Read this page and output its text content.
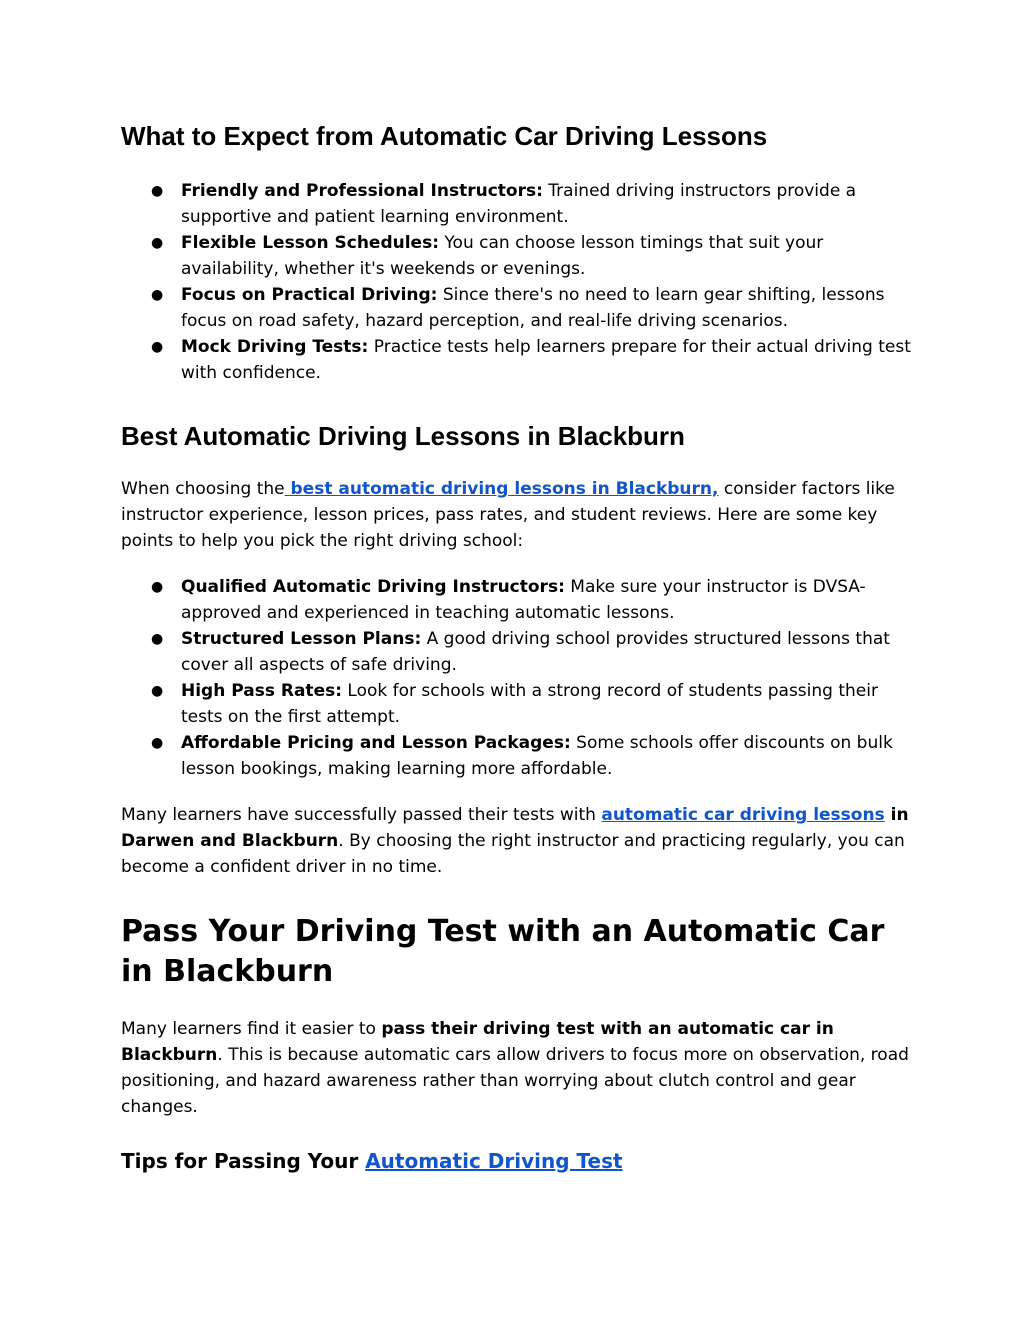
What to Expect from Automatic Car Driving Lessons
● Friendly and Professional Instructors: Trained driving instructors provide a supportive and patient learning environment.
● Flexible Lesson Schedules: You can choose lesson timings that suit your availability, whether it's weekends or evenings.
● Focus on Practical Driving: Since there's no need to learn gear shifting, lessons focus on road safety, hazard perception, and real-life driving scenarios.
● Mock Driving Tests: Practice tests help learners prepare for their actual driving test with confidence.
Best Automatic Driving Lessons in Blackburn

When choosing the best automatic driving lessons in Blackburn, consider factors like instructor experience, lesson prices, pass rates, and student reviews. Here are some key points to help you pick the right driving school:

● Qualified Automatic Driving Instructors: Make sure your instructor is DVSA-approved and experienced in teaching automatic lessons.
● Structured Lesson Plans: A good driving school provides structured lessons that cover all aspects of safe driving.
● High Pass Rates: Look for schools with a strong record of students passing their tests on the first attempt.
● Affordable Pricing and Lesson Packages: Some schools offer discounts on bulk lesson bookings, making learning more affordable.

Many learners have successfully passed their tests with automatic car driving lessons in Darwen and Blackburn. By choosing the right instructor and practicing regularly, you can become a confident driver in no time.

Pass Your Driving Test with an Automatic Car in Blackburn

Many learners find it easier to pass their driving test with an automatic car in Blackburn. This is because automatic cars allow drivers to focus more on observation, road positioning, and hazard awareness rather than worrying about clutch control and gear changes.

Tips for Passing Your Automatic Driving Test
